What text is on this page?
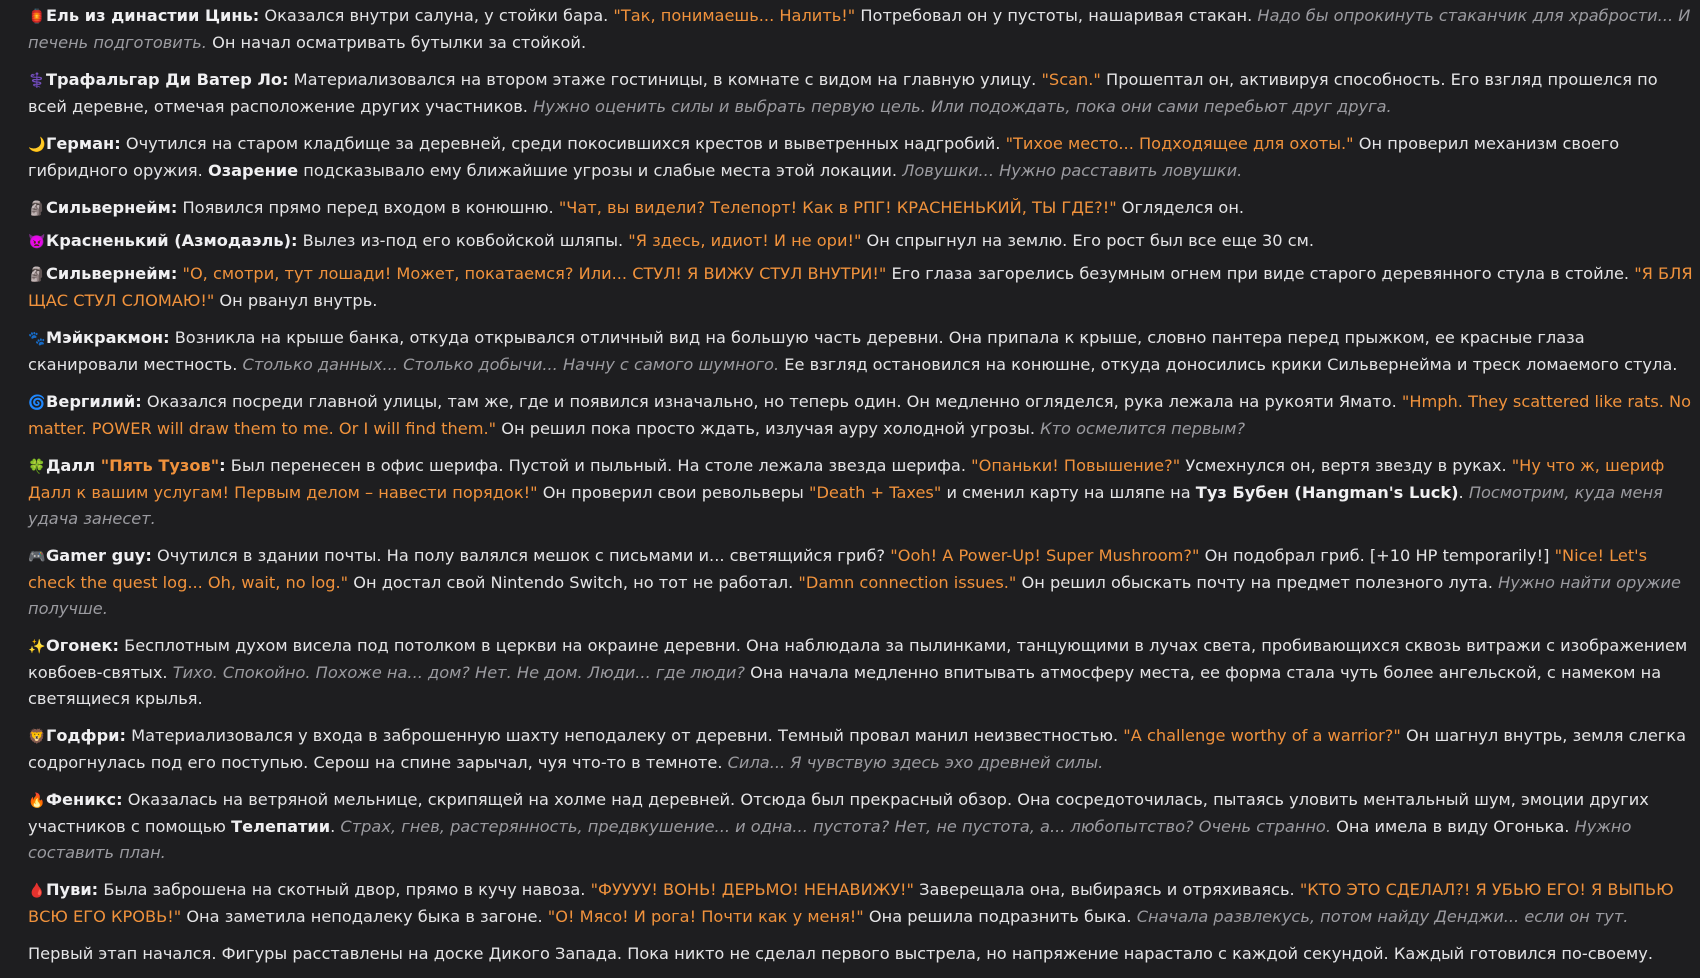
🏮Ель из династии Цинь: Оказался внутри салуна, у стойки бара. "Так, понимаешь... Налить!" Потребовал он у пустоты, нашаривая стакан. Надо бы опрокинуть стаканчик для храбрости... И печень подготовить. Он начал осматривать бутылки за стойкой.

⚕️Трафальгар Ди Ватер Ло: Материализовался на втором этаже гостиницы, в комнате с видом на главную улицу. "Scan." Прошептал он, активируя способность. Его взгляд прошелся по всей деревне, отмечая расположение других участников. Нужно оценить силы и выбрать первую цель. Или подождать, пока они сами перебьют друг друга.

🌙Герман: Очутился на старом кладбище за деревней, среди покосившихся крестов и выветренных надгробий. "Тихое место... Подходящее для охоты." Он проверил механизм своего гибридного оружия. Озарение подсказывало ему ближайшие угрозы и слабые места этой локации. Ловушки... Нужно расставить ловушки.

🗿Сильвернейм: Появился прямо перед входом в конюшню. "Чат, вы видели? Телепорт! Как в РПГ! КРАСНЕНЬКИЙ, ТЫ ГДЕ?!" Огляделся он.

👿Красненький (Азмодаэль): Вылез из-под его ковбойской шляпы. "Я здесь, идиот! И не ори!" Он спрыгнул на землю. Его рост был все еще 30 см.

🗿Сильвернейм: "О, смотри, тут лошади! Может, покатаемся? Или... СТУЛ! Я ВИЖУ СТУЛ ВНУТРИ!" Его глаза загорелись безумным огнем при виде старого деревянного стула в стойле. "Я БЛЯ ЩАС СТУЛ СЛОМАЮ!" Он рванул внутрь.

🐾Мэйкракмон: Возникла на крыше банка, откуда открывался отличный вид на большую часть деревни. Она припала к крыше, словно пантера перед прыжком, ее красные глаза сканировали местность. Столько данных... Столько добычи... Начну с самого шумного. Ее взгляд остановился на конюшне, откуда доносились крики Сильвернейма и треск ломаемого стула.

🌀Вергилий: Оказался посреди главной улицы, там же, где и появился изначально, но теперь один. Он медленно огляделся, рука лежала на рукояти Ямато. "Hmph. They scattered like rats. No matter. POWER will draw them to me. Or I will find them." Он решил пока просто ждать, излучая ауру холодной угрозы. Кто осмелится первым?

🍀Далл "Пять Тузов": Был перенесен в офис шерифа. Пустой и пыльный. На столе лежала звезда шерифа. "Опаньки! Повышение?" Усмехнулся он, вертя звезду в руках. "Ну что ж, шериф Далл к вашим услугам! Первым делом – навести порядок!" Он проверил свои револьверы "Death + Taxes" и сменил карту на шляпе на Туз Бубен (Hangman's Luck). Посмотрим, куда меня удача занесет.

🎮Gamer guy: Очутился в здании почты. На полу валялся мешок с письмами и... светящийся гриб? "Ooh! A Power-Up! Super Mushroom?" Он подобрал гриб. [+10 HP temporarily!] "Nice! Let's check the quest log... Oh, wait, no log." Он достал свой Nintendo Switch, но тот не работал. "Damn connection issues." Он решил обыскать почту на предмет полезного лута. Нужно найти оружие получше.

✨Огонек: Бесплотным духом висела под потолком в церкви на окраине деревни. Она наблюдала за пылинками, танцующими в лучах света, пробивающихся сквозь витражи с изображением ковбоев-святых. Тихо. Спокойно. Похоже на... дом? Нет. Не дом. Люди... где люди? Она начала медленно впитывать атмосферу места, ее форма стала чуть более ангельской, с намеком на светящиеся крылья.

🦁Годфри: Материализовался у входа в заброшенную шахту неподалеку от деревни. Темный провал манил неизвестностью. "A challenge worthy of a warrior?" Он шагнул внутрь, земля слегка содрогнулась под его поступью. Серош на спине зарычал, чуя что-то в темноте. Сила... Я чувствую здесь эхо древней силы.

🔥Феникс: Оказалась на ветряной мельнице, скрипящей на холме над деревней. Отсюда был прекрасный обзор. Она сосредоточилась, пытаясь уловить ментальный шум, эмоции других участников с помощью Телепатии. Страх, гнев, растерянность, предвкушение... и одна... пустота? Нет, не пустота, а... любопытство? Очень странно. Она имела в виду Огонька. Нужно составить план.

🩸Пуви: Была заброшена на скотный двор, прямо в кучу навоза. "ФУУУУ! ВОНЬ! ДЕРЬМО! НЕНАВИЖУ!" Заверещала она, выбираясь и отряхиваясь. "КТО ЭТО СДЕЛАЛ?! Я УБЬЮ ЕГО! Я ВЫПЬЮ ВСЮ ЕГО КРОВЬ!" Она заметила неподалеку быка в загоне. "О! Мясо! И рога! Почти как у меня!" Она решила подразнить быка. Сначала развлекусь, потом найду Денджи... если он тут.

Первый этап начался. Фигуры расставлены на доске Дикого Запада. Пока никто не сделал первого выстрела, но напряжение нарастало с каждой секундой. Каждый готовился по-своему.
